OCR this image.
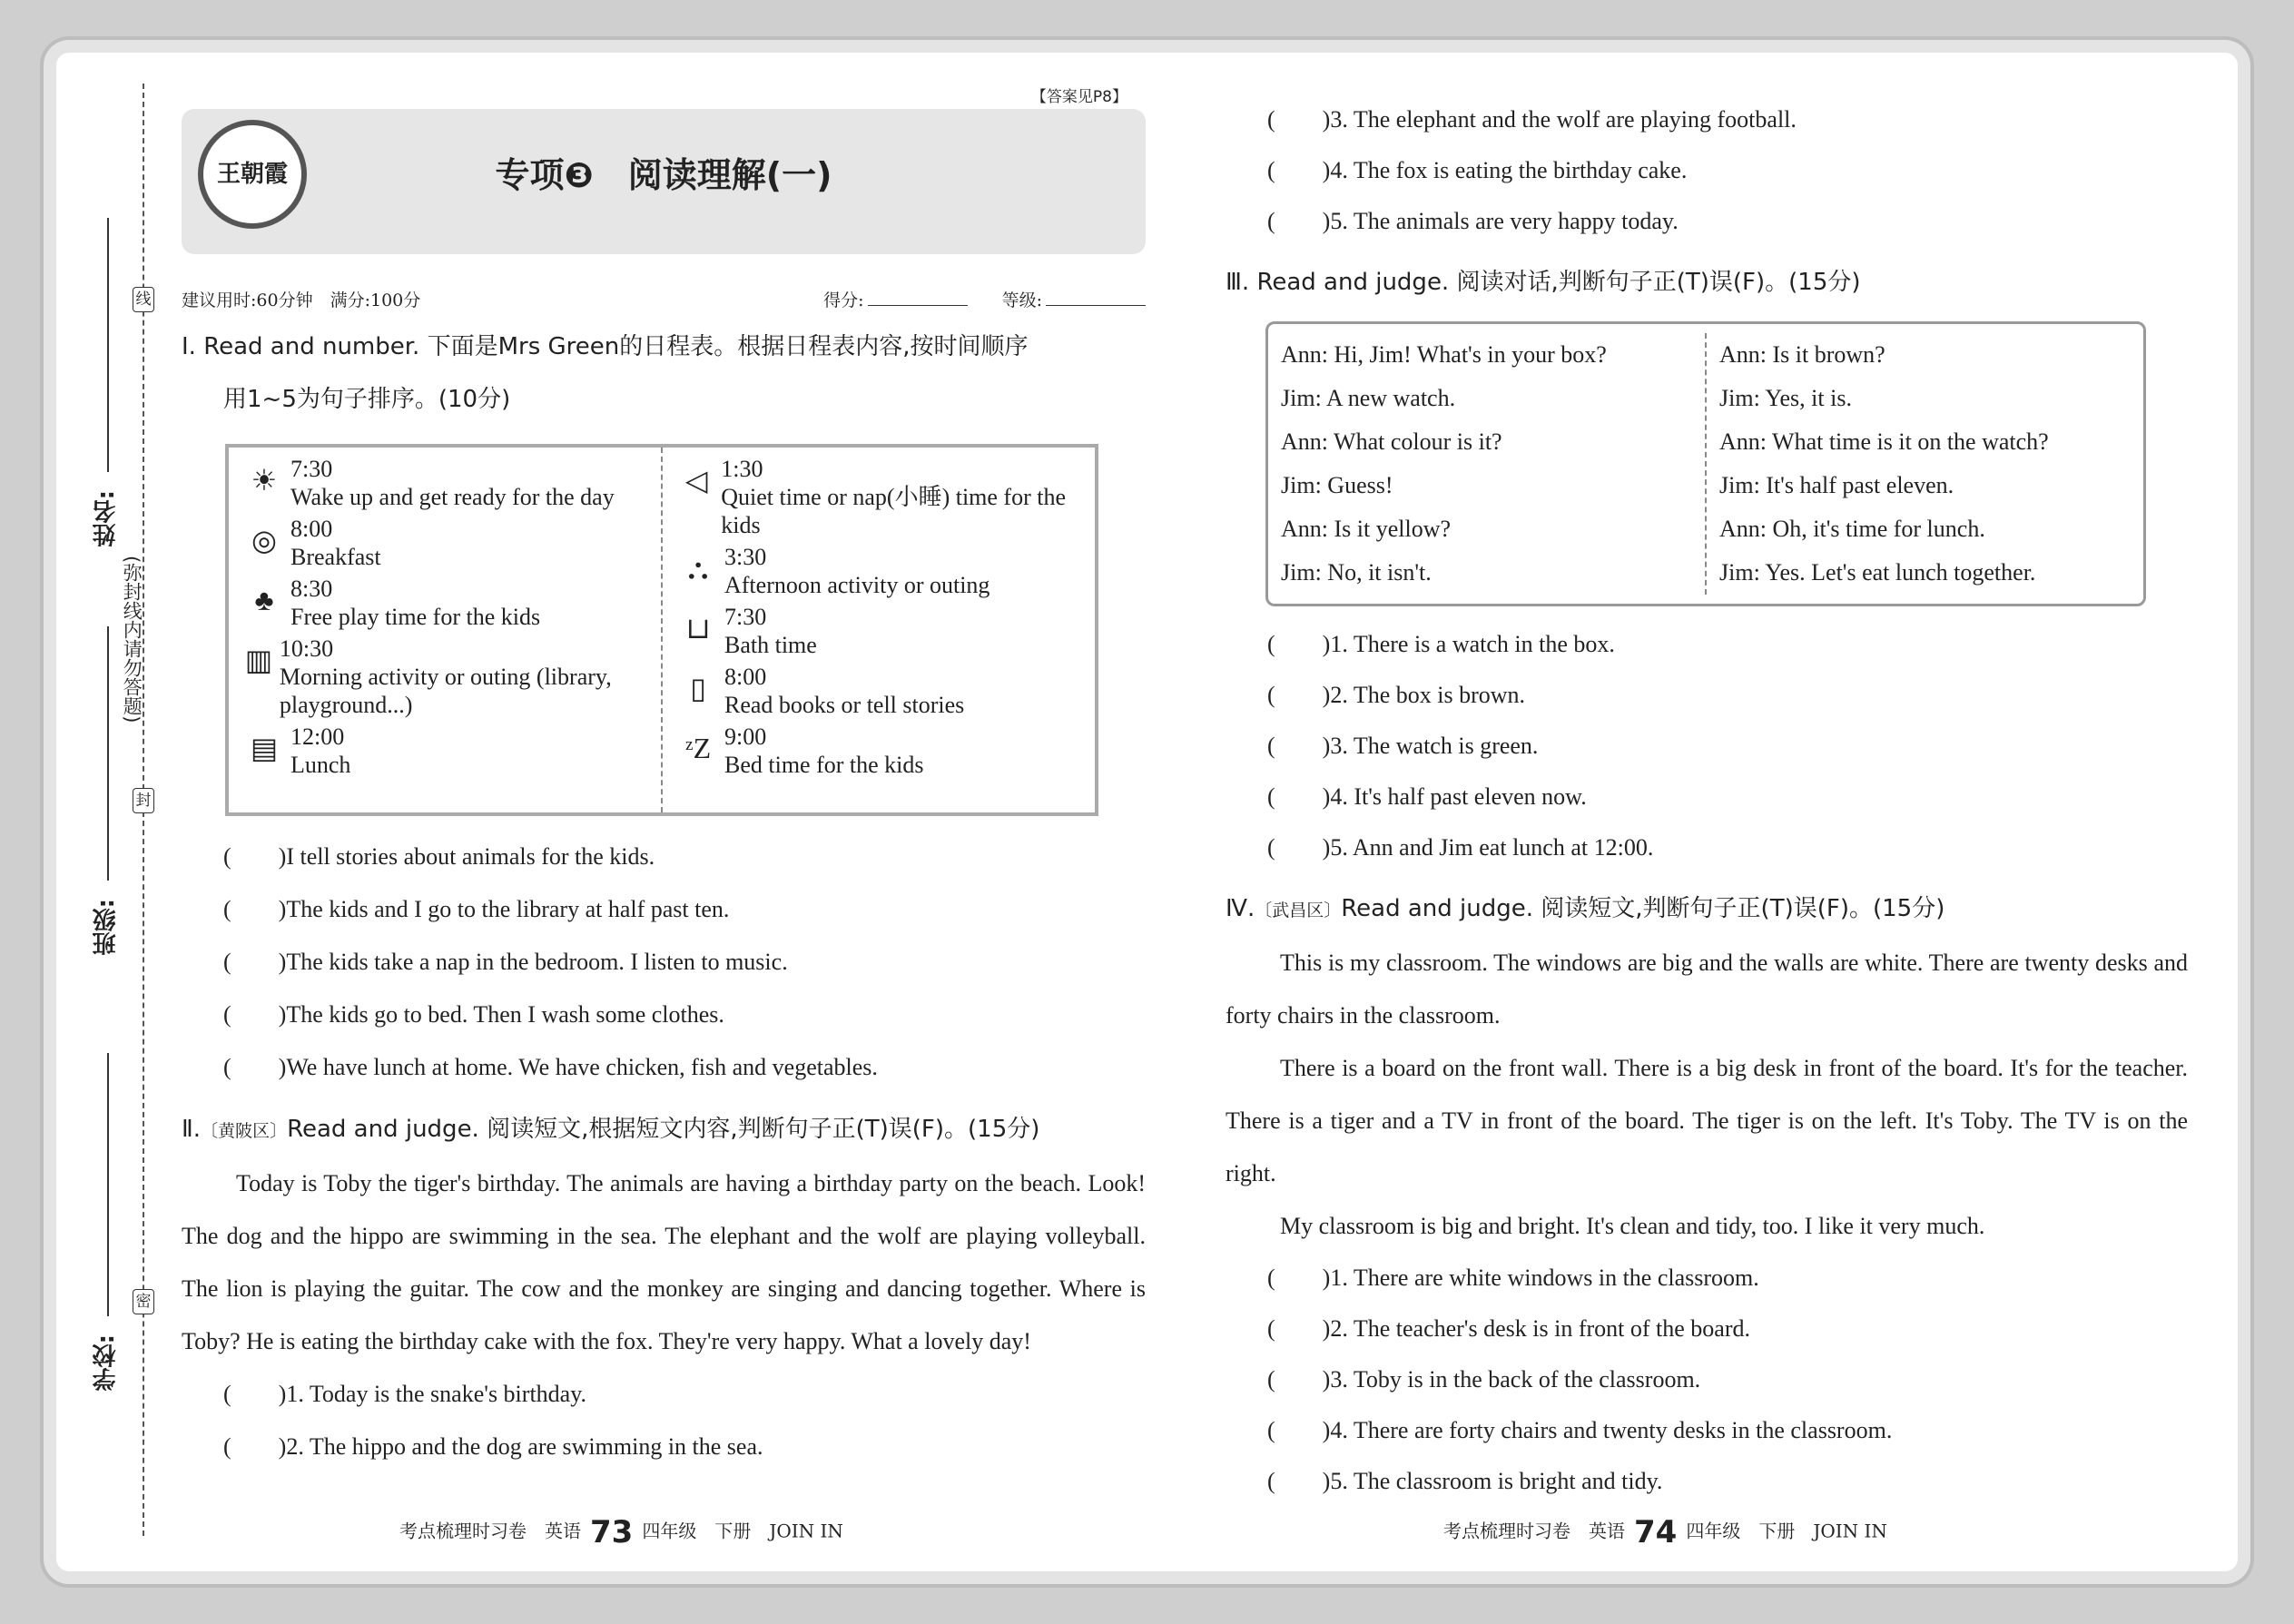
姓名:
班级:
学校:
线
封
密
(弥封线内请勿答题)
【答案见P8】
王朝霞	专项❸　阅读理解(一)
建议用时:60分钟　满分:100分	得分:　　	等级:
Ⅰ. Read and number. 下面是Mrs Green的日程表。根据日程表内容,按时间顺序
用1~5为句子排序。(10分)
☀ 7:30
Wake up and get ready for the day
◎ 8:00
Breakfast
♣ 8:30
Free play time for the kids
▥ 10:30
Morning activity or outing (library, playground...)
▤ 12:00
Lunch
◁ 1:30
Quiet time or nap(小睡) time for the kids
⛬ 3:30
Afternoon activity or outing
⊔ 7:30
Bath time
▯ 8:00
Read books or tell stories
ᶻZ 9:00
Bed time for the kids
(　　)I tell stories about animals for the kids.
(　　)The kids and I go to the library at half past ten.
(　　)The kids take a nap in the bedroom. I listen to music.
(　　)The kids go to bed. Then I wash some clothes.
(　　)We have lunch at home. We have chicken, fish and vegetables.
Ⅱ.〔黄陂区〕Read and judge. 阅读短文,根据短文内容,判断句子正(T)误(F)。(15分)
Today is Toby the tiger's birthday. The animals are having a birthday party on the beach. Look! The dog and the hippo are swimming in the sea. The elephant and the wolf are playing volleyball. The lion is playing the guitar. The cow and the monkey are singing and dancing together. Where is Toby? He is eating the birthday cake with the fox. They're very happy. What a lovely day!
(　　)1. Today is the snake's birthday.
(　　)2. The hippo and the dog are swimming in the sea.
考点梳理时习卷　英语 73 四年级　下册　JOIN IN
(　　)3. The elephant and the wolf are playing football.
(　　)4. The fox is eating the birthday cake.
(　　)5. The animals are very happy today.
Ⅲ. Read and judge. 阅读对话,判断句子正(T)误(F)。(15分)
Ann: Hi, Jim! What's in your box?
Jim: A new watch.
Ann: What colour is it?
Jim: Guess!
Ann: Is it yellow?
Jim: No, it isn't.
Ann: Is it brown?
Jim: Yes, it is.
Ann: What time is it on the watch?
Jim: It's half past eleven.
Ann: Oh, it's time for lunch.
Jim: Yes. Let's eat lunch together.
(　　)1. There is a watch in the box.
(　　)2. The box is brown.
(　　)3. The watch is green.
(　　)4. It's half past eleven now.
(　　)5. Ann and Jim eat lunch at 12:00.
Ⅳ.〔武昌区〕Read and judge. 阅读短文,判断句子正(T)误(F)。(15分)
This is my classroom. The windows are big and the walls are white. There are twenty desks and forty chairs in the classroom.
There is a board on the front wall. There is a big desk in front of the board. It's for the teacher. There is a tiger and a TV in front of the board. The tiger is on the left. It's Toby. The TV is on the right.
My classroom is big and bright. It's clean and tidy, too. I like it very much.
(　　)1. There are white windows in the classroom.
(　　)2. The teacher's desk is in front of the board.
(　　)3. Toby is in the back of the classroom.
(　　)4. There are forty chairs and twenty desks in the classroom.
(　　)5. The classroom is bright and tidy.
考点梳理时习卷　英语 74 四年级　下册　JOIN IN
